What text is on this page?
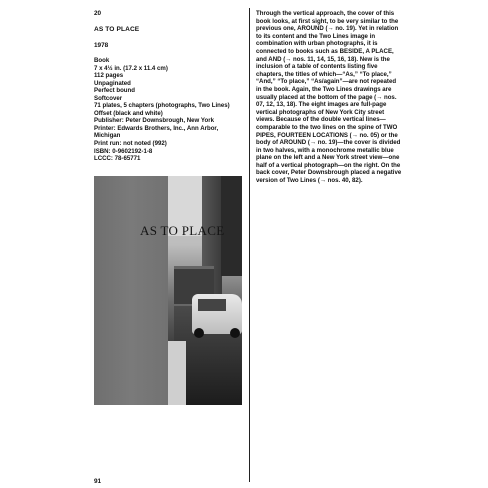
20
AS TO PLACE
1978
Book
7 x 4½ in. (17.2 x 11.4 cm)
112 pages
Unpaginated
Perfect bound
Softcover
71 plates, 5 chapters (photographs, Two Lines)
Offset (black and white)
Publisher: Peter Downsbrough, New York
Printer: Edwards Brothers, Inc., Ann Arbor,
Michigan
Print run: not noted (992)
ISBN: 0-9602192-1-8
LCCC: 78-65771
AS TO PLACE

Through the vertical approach, the cover of this book looks, at first sight, to be very similar to the previous one, AROUND (→ no. 19). Yet in relation to its content and the Two Lines image in combination with urban photographs, it is connected to books such as BESIDE, A PLACE, and AND (→ nos. 11, 14, 15, 16, 18). New is the inclusion of a table of contents listing five chapters, the titles of which—“As,” “To place,” “And,” “To place,” “As/again”—are not repeated in the book. Again, the Two Lines drawings are usually placed at the bottom of the page (→ nos. 07, 12, 13, 18). The eight images are full-page vertical photographs of New York City street views. Because of the double vertical lines—comparable to the two lines on the spine of TWO PIPES, FOURTEEN LOCATIONS (→ no. 05) or the body of AROUND (→ no. 19)—the cover is divided in two halves, with a monochrome metallic blue plane on the left and a New York street view—one half of a vertical photograph—on the right. On the back cover, Peter Downsbrough placed a negative version of Two Lines (→ nos. 40, 82).

91
